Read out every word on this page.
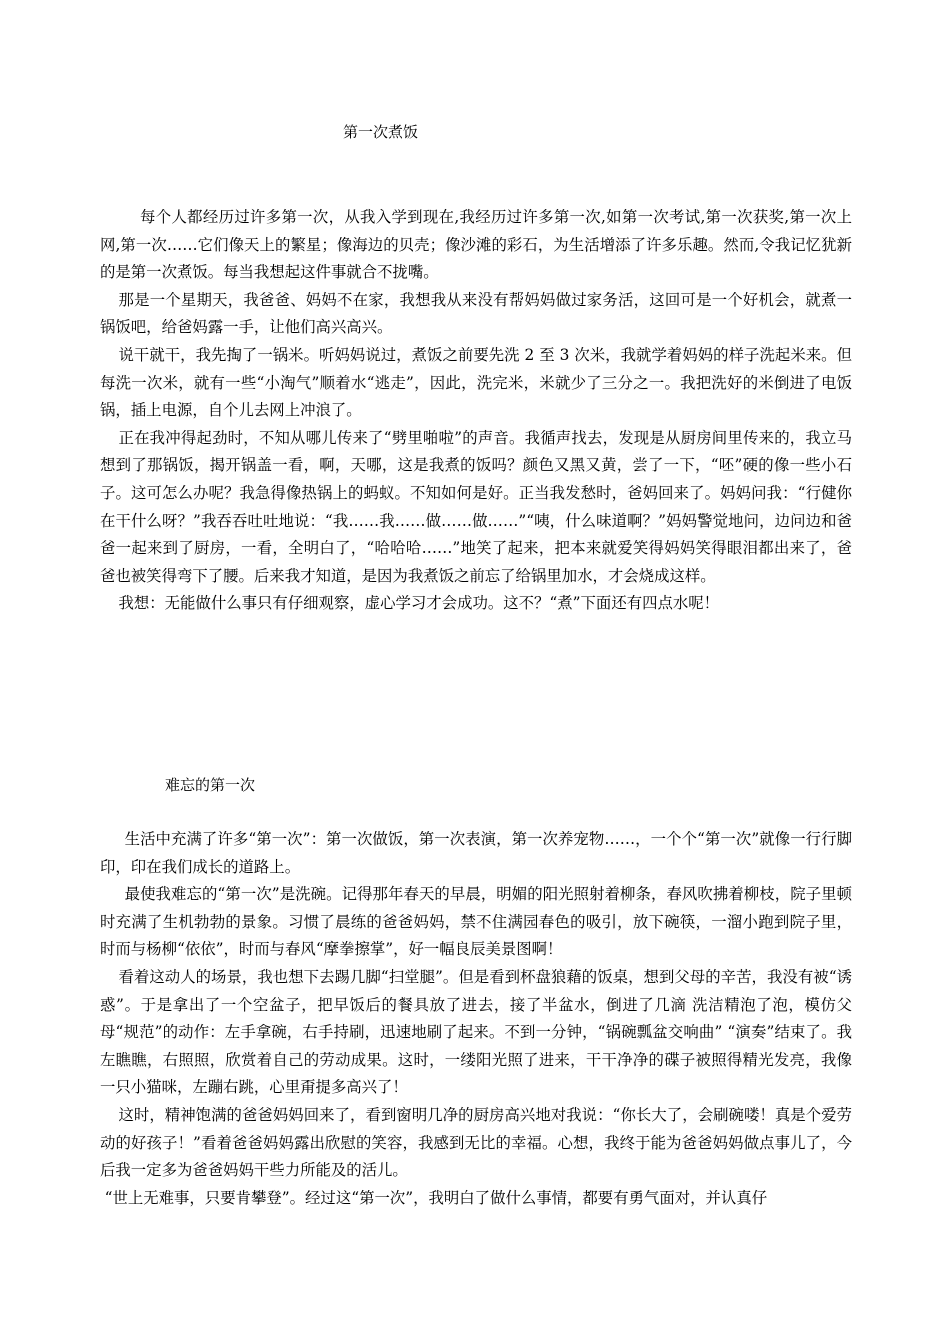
第一次煮饭

每个人都经历过许多第一次，从我入学到现在,我经历过许多第一次,如第一次考试,第一次获奖,第一次上网,第一次……它们像天上的繁星；像海边的贝壳；像沙滩的彩石，为生活增添了许多乐趣。然而,令我记忆犹新的是第一次煮饭。每当我想起这件事就合不拢嘴。

那是一个星期天，我爸爸、妈妈不在家，我想我从来没有帮妈妈做过家务活，这回可是一个好机会，就煮一锅饭吧，给爸妈露一手，让他们高兴高兴。

说干就干，我先掏了一锅米。听妈妈说过，煮饭之前要先洗 2 至 3 次米，我就学着妈妈的样子洗起米来。但每洗一次米，就有一些“小淘气”顺着水“逃走”，因此，洗完米，米就少了三分之一。我把洗好的米倒进了电饭锅，插上电源，自个儿去网上冲浪了。

正在我冲得起劲时，不知从哪儿传来了“劈里啪啦”的声音。我循声找去，发现是从厨房间里传来的，我立马想到了那锅饭，揭开锅盖一看，啊，天哪，这是我煮的饭吗？颜色又黑又黄，尝了一下，“呸”硬的像一些小石子。这可怎么办呢？我急得像热锅上的蚂蚁。不知如何是好。正当我发愁时，爸妈回来了。妈妈问我：“行健你在干什么呀？”我吞吞吐吐地说：“我……我……做……做……”“咦，什么味道啊？”妈妈警觉地问，边问边和爸爸一起来到了厨房，一看，全明白了，“哈哈哈……”地笑了起来，把本来就爱笑得妈妈笑得眼泪都出来了，爸爸也被笑得弯下了腰。后来我才知道，是因为我煮饭之前忘了给锅里加水，才会烧成这样。

我想：无能做什么事只有仔细观察，虚心学习才会成功。这不？“煮”下面还有四点水呢！

难忘的第一次

生活中充满了许多“第一次”：第一次做饭，第一次表演，第一次养宠物……，一个个“第一次”就像一行行脚印，印在我们成长的道路上。

最使我难忘的“第一次”是洗碗。记得那年春天的早晨，明媚的阳光照射着柳条，春风吹拂着柳枝，院子里顿时充满了生机勃勃的景象。习惯了晨练的爸爸妈妈，禁不住满园春色的吸引，放下碗筷，一溜小跑到院子里，时而与杨柳“依依”，时而与春风“摩拳擦掌”，好一幅良辰美景图啊！

看着这动人的场景，我也想下去踢几脚“扫堂腿”。但是看到杯盘狼藉的饭桌，想到父母的辛苦，我没有被“诱惑”。于是拿出了一个空盆子，把早饭后的餐具放了进去，接了半盆水，倒进了几滴 洗洁精泡了泡，模仿父母“规范”的动作：左手拿碗，右手持刷，迅速地刷了起来。不到一分钟，“锅碗瓢盆交响曲” “演奏”结束了。我左瞧瞧，右照照，欣赏着自己的劳动成果。这时，一缕阳光照了进来，干干净净的碟子被照得精光发亮，我像一只小猫咪，左蹦右跳，心里甭提多高兴了！

这时，精神饱满的爸爸妈妈回来了，看到窗明几净的厨房高兴地对我说：“你长大了，会刷碗喽！真是个爱劳动的好孩子！”看着爸爸妈妈露出欣慰的笑容，我感到无比的幸福。心想，我终于能为爸爸妈妈做点事儿了，今后我一定多为爸爸妈妈干些力所能及的活儿。

“世上无难事，只要肯攀登”。经过这“第一次”，我明白了做什么事情，都要有勇气面对，并认真仔
